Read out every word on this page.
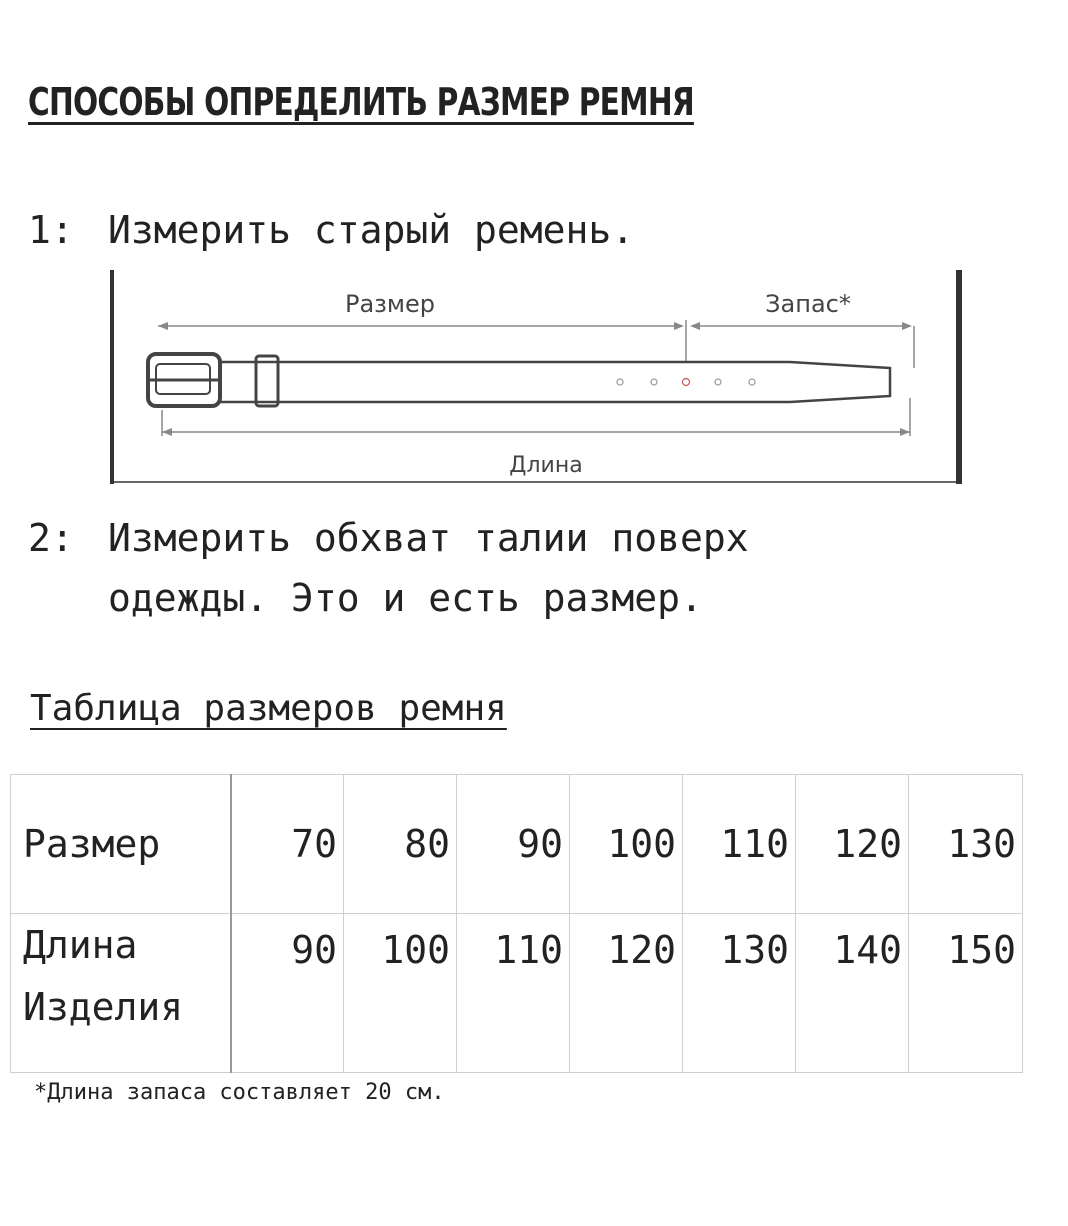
СПОСОБЫ ОПРЕДЕЛИТЬ РАЗМЕР РЕМНЯ
1: Измерить старый ремень.
Размер	Запас*
Длина
2: Измерить обхват талии поверх
одежды. Это и есть размер.
Таблица размеров ремня
Размер	70	80	90	100	110	120	130

Длина
Изделия	90	100	110	120	130	140	150
*Длина запаса составляет 20 см.
